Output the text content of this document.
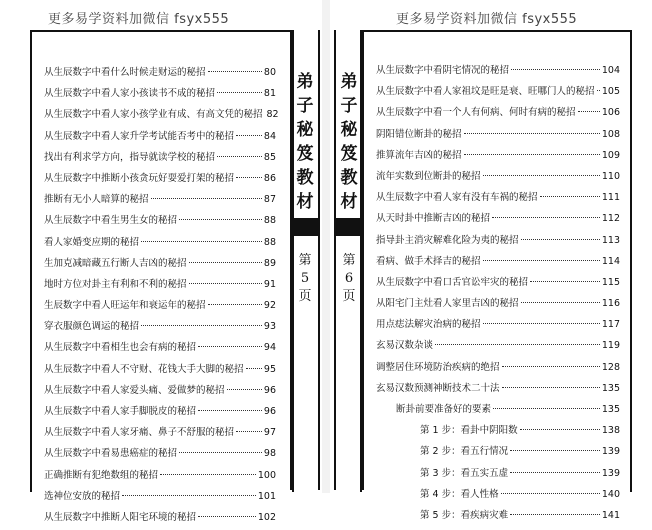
更多易学资料加微信 fsyx555
弟
子
秘
笈
教
材
第
5
页
从生辰数字中看什么时候走财运的秘招	80
从生辰数字中看人家小孩读书不成的秘招	81
从生辰数字中看人家小孩学业有成、有高文凭的秘招 82
从生辰数字中看人家升学考试能否考中的秘招	84
找出有利求学方向，指导就读学校的秘招	85
从生辰数字中推断小孩贪玩好耍爱打架的秘招	86
推断有无小人暗算的秘招	87
从生辰数字中看生男生女的秘招	88
看人家婚变应期的秘招	88
生加克减暗藏五行断人吉凶的秘招	89
地时方位对卦主有利和不利的秘招	91
生辰数字中看人旺运年和衰运年的秘招	92
穿衣服颜色调运的秘招	93
从生辰数字中看相生也会有病的秘招	94
从生辰数字中看人不守财、花钱大手大脚的秘招 95
从生辰数字中看人家爱头痛、爱做梦的秘招	96
从生辰数字中看人家手脚脱皮的秘招	96
从生辰数字中看人家牙痛、鼻子不舒服的秘招	97
从生辰数字中看易患癌症的秘招	98
正确推断有犯绝数组的秘招	100
选神位安放的秘招	101
从生辰数字中推断人阳宅环境的秘招	102
更多易学资料加微信 fsyx555
弟
子
秘
笈
教
材
第
6
页
从生辰数字中看阴宅情况的秘招	104
从生辰数字中看人家祖坟是旺是衰、旺哪门人的秘招 105
从生辰数字中看一个人有何病、何时有病的秘招	106
阴阳错位断卦的秘招	108
推算流年吉凶的秘招	109
流年实数到位断卦的秘招	110
从生辰数字中看人家有没有车祸的秘招	111
从天时卦中推断吉凶的秘招	112
指导卦主消灾解难化险为夷的秘招	113
看病、做手术择吉的秘招	114
从生辰数字中看口舌官讼牢灾的秘招	115
从阳宅门主灶看人家里吉凶的秘招	116
用点痣法解灾治病的秘招	117
玄易汉数杂谈	119
调整居住环境防治疾病的绝招	128
玄易汉数预测神断技术二十法	135
断卦前要准备好的要素	135
第 1 步：看卦中阴阳数	138
第 2 步：看五行情况	139
第 3 步：看五实五虚	139
第 4 步：看人性格	140
第 5 步：看疾病灾难	141
